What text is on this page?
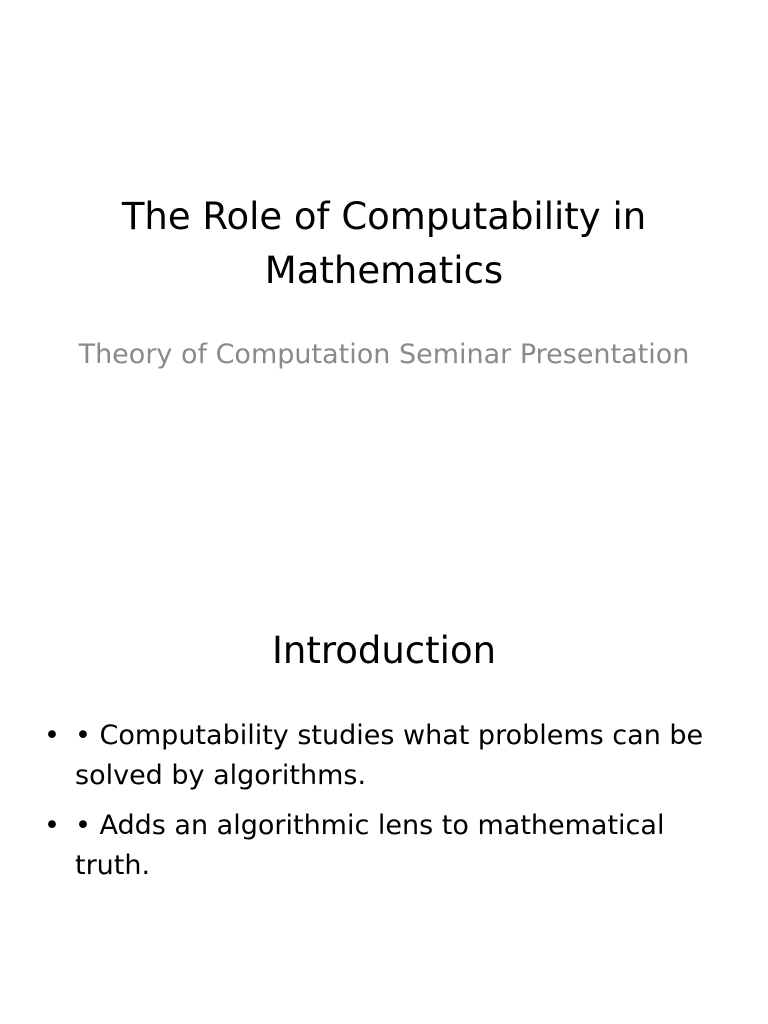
The Role of Computability in Mathematics

Theory of Computation Seminar Presentation

Introduction
• • Computability studies what problems can be solved by algorithms.
• • Adds an algorithmic lens to mathematical truth.
